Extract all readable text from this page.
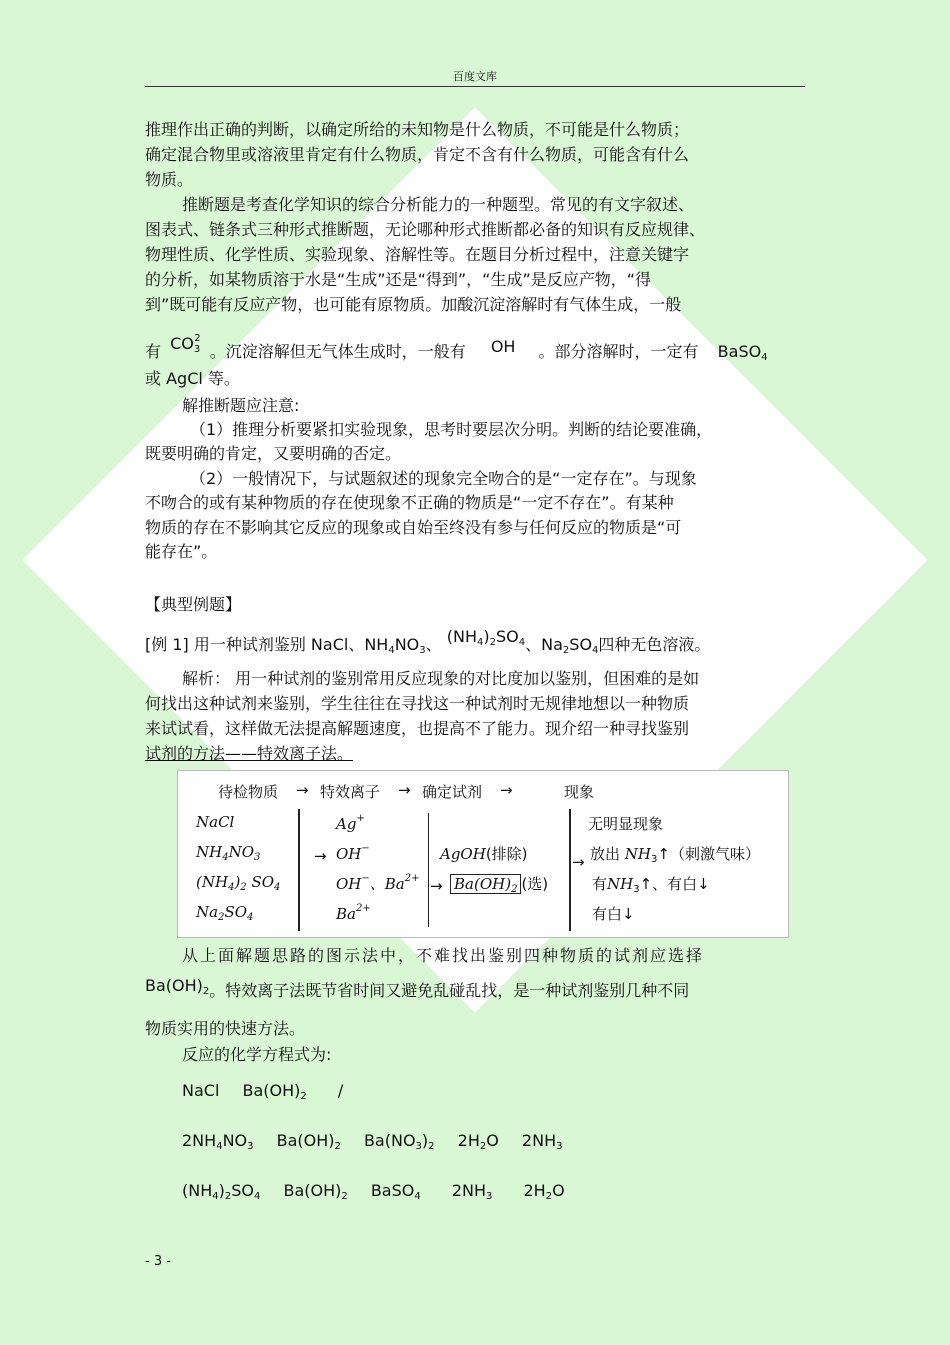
百度文库
推理作出正确的判断，以确定所给的未知物是什么物质，不可能是什么物质；
确定混合物里或溶液里肯定有什么物质，肯定不含有什么物质，可能含有什么
物质。
推断题是考查化学知识的综合分析能力的一种题型。常见的有文字叙述、
图表式、链条式三种形式推断题，无论哪种形式推断都必备的知识有反应规律、
物理性质、化学性质、实验现象、溶解性等。在题目分析过程中，注意关键字
的分析，如某物质溶于水是“生成”还是“得到”，“生成”是反应产物，“得
到”既可能有反应产物，也可能有原物质。加酸沉淀溶解时有气体生成，一般
有 $CO_3^2$ 。沉淀溶解但无气体生成时，一般有 OH 。部分溶解时，一定有 BaSO$_4$
或 AgCl 等。
解推断题应注意:
（1）推理分析要紧扣实验现象，思考时要层次分明。判断的结论要准确，
既要明确的肯定，又要明确的否定。
（2）一般情况下，与试题叙述的现象完全吻合的是“一定存在”。与现象
不吻合的或有某种物质的存在使现象不正确的物质是“一定不存在”。有某种
物质的存在不影响其它反应的现象或自始至终没有参与任何反应的物质是“可
能存在”。
【典型例题】
[例 1] 用一种试剂鉴别 NaCl、$NH_4NO_3$、 $(NH_4)_2SO_4$、$Na_2SO_4$四种无色溶液。
解析： 用一种试剂的鉴别常用反应现象的对比度加以鉴别，但困难的是如
何找出这种试剂来鉴别，学生往往在寻找这一种试剂时无规律地想以一种物质
来试试看，这样做无法提高解题速度，也提高不了能力。现介绍一种寻找鉴别
试剂的方法——特效离子法。
待检物质 → 特效离子 → 确定试剂 →	现象
NaCl
$NH_4NO_3$
$(NH_4)_2$ $SO_4$
$Na_2SO_4$
Ag+
→ OH−
OH−、$Ba^{2+}$
$Ba^{2+}$
AgOH(排除)
→ $Ba(OH)_2$ (选)
→
无明显现象
放出 $NH_3↑$（刺激气味）
有$NH_3↑$、有白↓
有白↓
从上面解题思路的图示法中，不难找出鉴别四种物质的试剂应选择
$Ba(OH)_2$。特效离子法既节省时间又避免乱碰乱找，是一种试剂鉴别几种不同
物质实用的快速方法。
反应的化学方程式为:
NaCl $Ba(OH)_2$ /
$2NH_4NO_3$ $Ba(OH)_2$ $Ba(NO_3)_2$ $2H_2O$ $2NH_3$
$(NH_4)_2SO_4$ $Ba(OH)_2$ BaSO$_4$ $2NH_3$ $2H_2O$
- 3 -
